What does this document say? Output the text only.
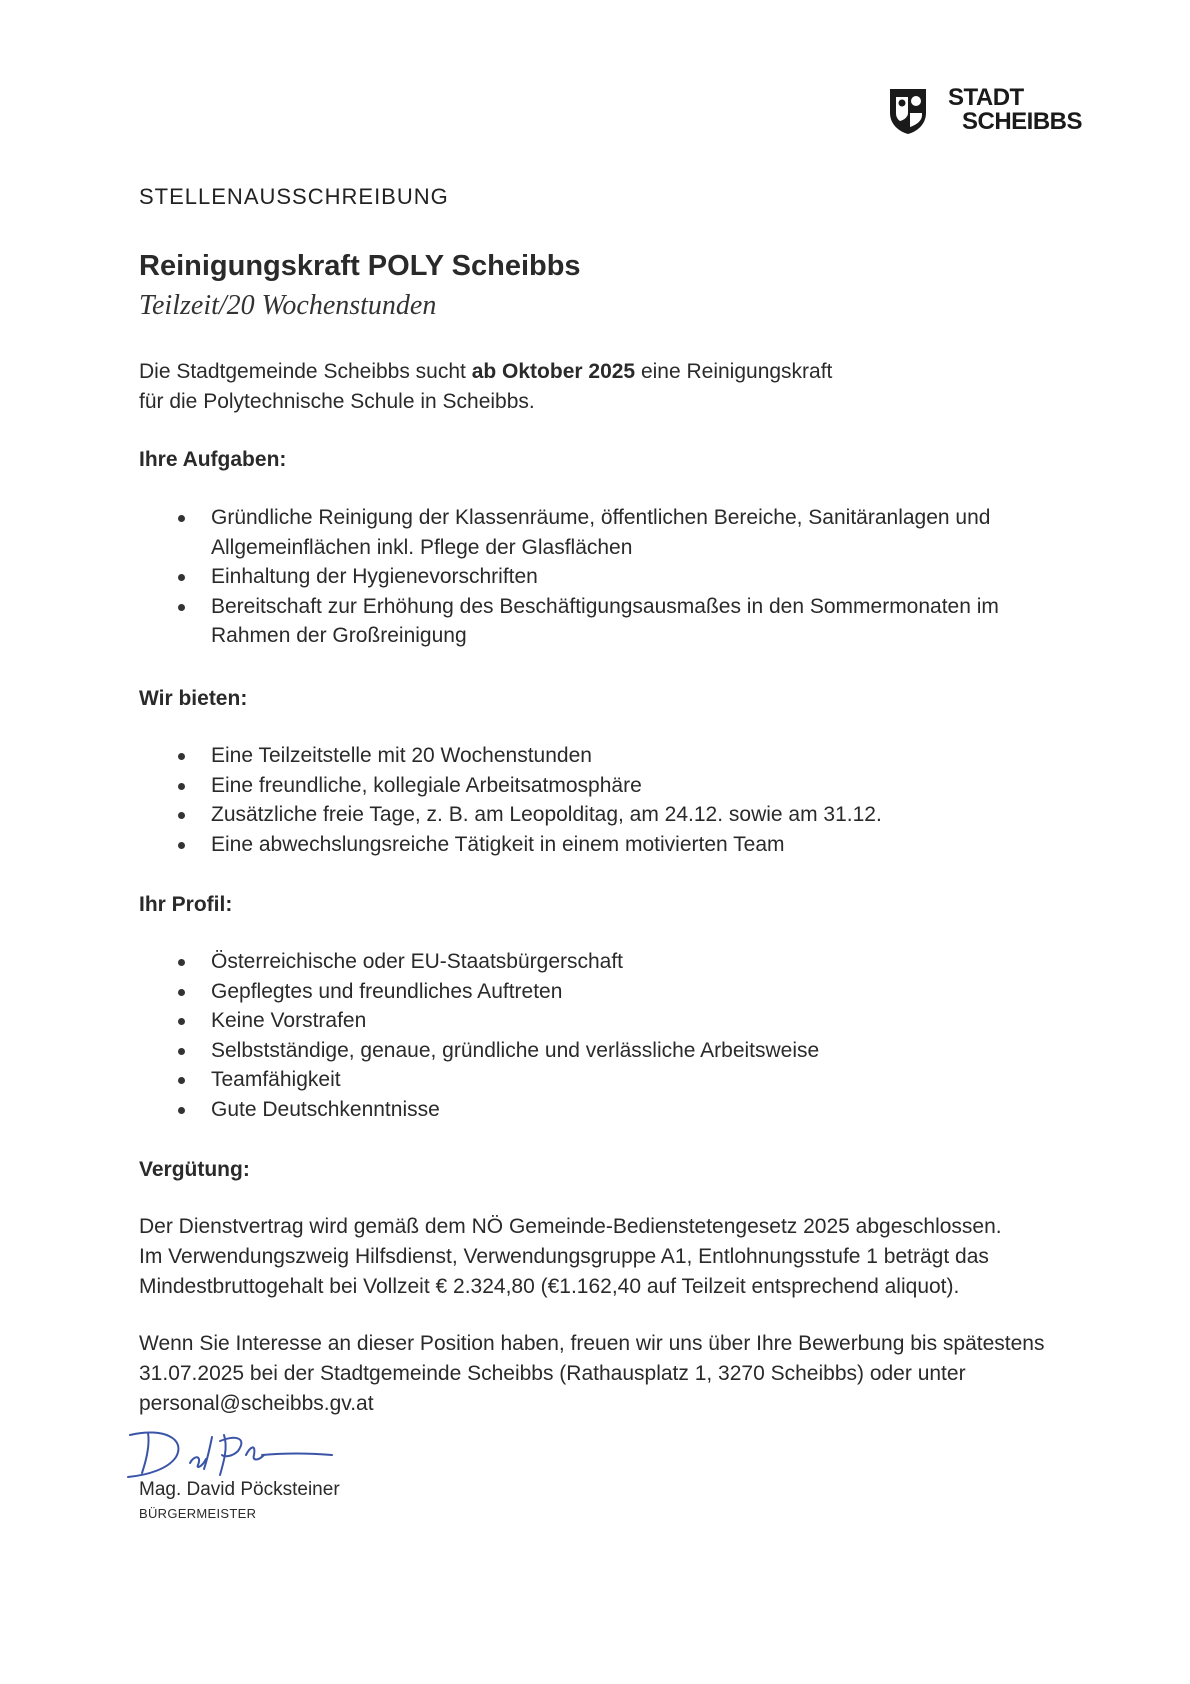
STADT
SCHEIBBS
STELLENAUSSCHREIBUNG
Reinigungskraft POLY Scheibbs
Teilzeit/20 Wochenstunden
Die Stadtgemeinde Scheibbs sucht ab Oktober 2025 eine Reinigungskraft
für die Polytechnische Schule in Scheibbs.
Ihre Aufgaben:
Gründliche Reinigung der Klassenräume, öffentlichen Bereiche, Sanitäranlagen und Allgemeinflächen inkl. Pflege der Glasflächen
Einhaltung der Hygienevorschriften
Bereitschaft zur Erhöhung des Beschäftigungsausmaßes in den Sommermonaten im Rahmen der Großreinigung
Wir bieten:
Eine Teilzeitstelle mit 20 Wochenstunden
Eine freundliche, kollegiale Arbeitsatmosphäre
Zusätzliche freie Tage, z. B. am Leopolditag, am 24.12. sowie am 31.12.
Eine abwechslungsreiche Tätigkeit in einem motivierten Team
Ihr Profil:
Österreichische oder EU-Staatsbürgerschaft
Gepflegtes und freundliches Auftreten
Keine Vorstrafen
Selbstständige, genaue, gründliche und verlässliche Arbeitsweise
Teamfähigkeit
Gute Deutschkenntnisse
Vergütung:
Der Dienstvertrag wird gemäß dem NÖ Gemeinde-Bedienstetengesetz 2025 abgeschlossen.
Im Verwendungszweig Hilfsdienst, Verwendungsgruppe A1, Entlohnungsstufe 1 beträgt das
Mindestbruttogehalt bei Vollzeit € 2.324,80 (€1.162,40 auf Teilzeit entsprechend aliquot).
Wenn Sie Interesse an dieser Position haben, freuen wir uns über Ihre Bewerbung bis spätestens
31.07.2025 bei der Stadtgemeinde Scheibbs (Rathausplatz 1, 3270 Scheibbs) oder unter
personal@scheibbs.gv.at
Mag. David Pöcksteiner
BÜRGERMEISTER
